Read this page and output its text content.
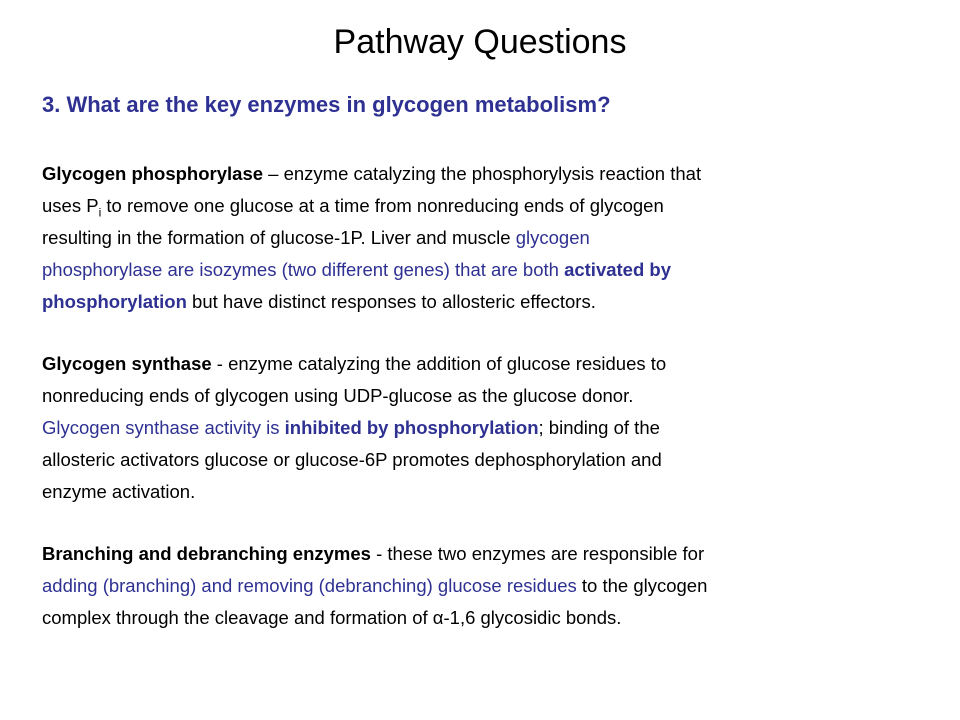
Pathway Questions
3. What are the key enzymes in glycogen metabolism?
Glycogen phosphorylase – enzyme catalyzing the phosphorylysis reaction that
uses $P_i$ to remove one glucose at a time from nonreducing ends of glycogen
resulting in the formation of glucose-1P. Liver and muscle glycogen
phosphorylase are isozymes (two different genes) that are both activated by
phosphorylation but have distinct responses to allosteric effectors.
Glycogen synthase - enzyme catalyzing the addition of glucose residues to
nonreducing ends of glycogen using UDP-glucose as the glucose donor.
Glycogen synthase activity is inhibited by phosphorylation; binding of the
allosteric activators glucose or glucose-6P promotes dephosphorylation and
enzyme activation.
Branching and debranching enzymes - these two enzymes are responsible for
adding (branching) and removing (debranching) glucose residues to the glycogen
complex through the cleavage and formation of α-1,6 glycosidic bonds.
